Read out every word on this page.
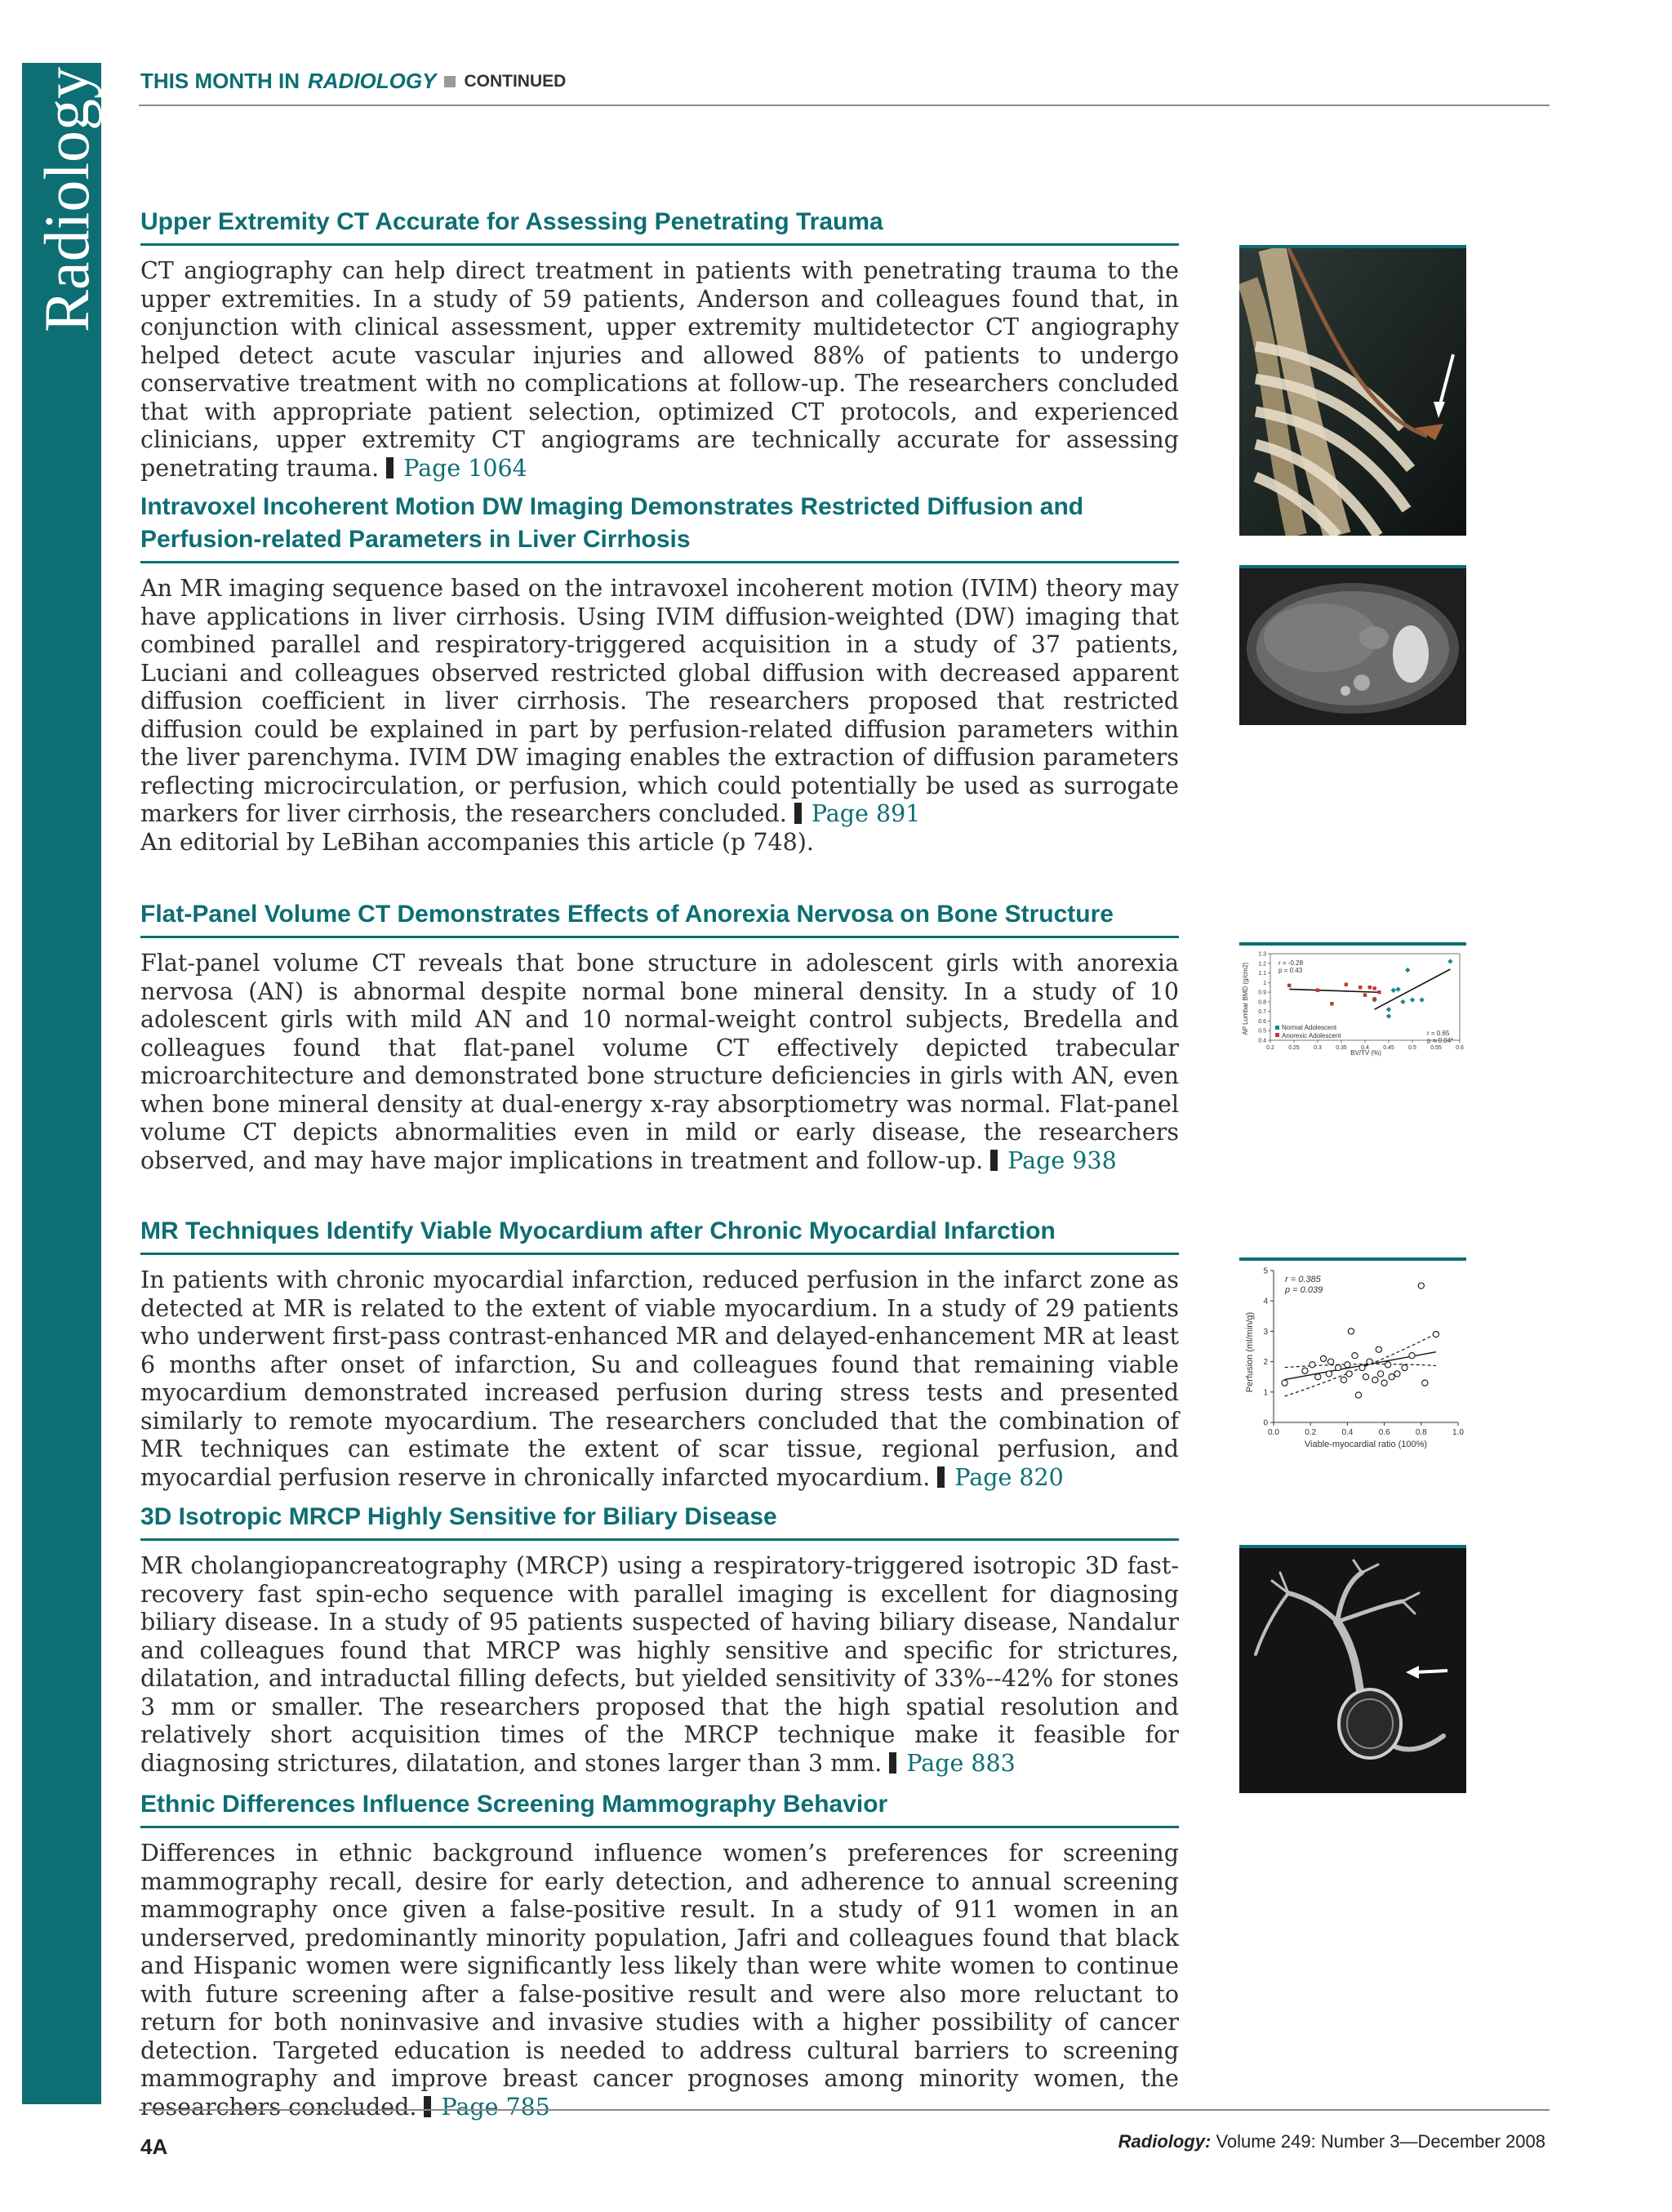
Radiology THIS MONTH IN RADIOLOGY CONTINUED
Upper Extremity CT Accurate for Assessing Penetrating Trauma
CT angiography can help direct treatment in patients with penetrating trauma to the upper extremities. In a study of 59 patients, Anderson and colleagues found that, in conjunction with clinical assessment, upper extremity multidetector CT angiography helped detect acute vascular injuries and allowed 88% of patients to undergo conservative treatment with no complications at follow-up. The researchers concluded that with appropriate patient selection, optimized CT protocols, and experienced clinicians, upper extremity CT angiograms are technically accurate for assessing penetrating trauma. Page 1064
Intravoxel Incoherent Motion DW Imaging Demonstrates Restricted Diffusion and Perfusion-related Parameters in Liver Cirrhosis
An MR imaging sequence based on the intravoxel incoherent motion (IVIM) theory may have applications in liver cirrhosis. Using IVIM diffusion-weighted (DW) imaging that combined parallel and respiratory-triggered acquisition in a study of 37 patients, Luciani and colleagues observed restricted global diffusion with decreased apparent diffusion coefficient in liver cirrhosis. The researchers proposed that restricted diffusion could be explained in part by perfusion-related diffusion parameters within the liver parenchyma. IVIM DW imaging enables the extraction of diffusion parameters reflecting microcirculation, or perfusion, which could potentially be used as surrogate markers for liver cirrhosis, the researchers concluded. Page 891
An editorial by LeBihan accompanies this article (p 748).
Flat-Panel Volume CT Demonstrates Effects of Anorexia Nervosa on Bone Structure
Flat-panel volume CT reveals that bone structure in adolescent girls with anorexia nervosa (AN) is abnormal despite normal bone mineral density. In a study of 10 adolescent girls with mild AN and 10 normal-weight control subjects, Bredella and colleagues found that flat-panel volume CT effectively depicted trabecular microarchitecture and demonstrated bone structure deficiencies in girls with AN, even when bone mineral density at dual-energy x-ray absorptiometry was normal. Flat-panel volume CT depicts abnormalities even in mild or early disease, the researchers observed, and may have major implications in treatment and follow-up. Page 938
MR Techniques Identify Viable Myocardium after Chronic Myocardial Infarction
In patients with chronic myocardial infarction, reduced perfusion in the infarct zone as detected at MR is related to the extent of viable myocardium. In a study of 29 patients who underwent first-pass contrast-enhanced MR and delayed-enhancement MR at least 6 months after onset of infarction, Su and colleagues found that remaining viable myocardium demonstrated increased perfusion during stress tests and presented similarly to remote myocardium. The researchers concluded that the combination of MR techniques can estimate the extent of scar tissue, regional perfusion, and myocardial perfusion reserve in chronically infarcted myocardium. Page 820
3D Isotropic MRCP Highly Sensitive for Biliary Disease
MR cholangiopancreatography (MRCP) using a respiratory-triggered isotropic 3D fast-recovery fast spin-echo sequence with parallel imaging is excellent for diagnosing biliary disease. In a study of 95 patients suspected of having biliary disease, Nandalur and colleagues found that MRCP was highly sensitive and specific for strictures, dilatation, and intraductal filling defects, but yielded sensitivity of 33%--42% for stones 3 mm or smaller. The researchers proposed that the high spatial resolution and relatively short acquisition times of the MRCP technique make it feasible for diagnosing strictures, dilatation, and stones larger than 3 mm. Page 883
Ethnic Differences Influence Screening Mammography Behavior
Differences in ethnic background influence women’s preferences for screening mammography recall, desire for early detection, and adherence to annual screening mammography once given a false-positive result. In a study of 911 women in an underserved, predominantly minority population, Jafri and colleagues found that black and Hispanic women were significantly less likely than were white women to continue with future screening after a false-positive result and were also more reluctant to return for both noninvasive and invasive studies with a higher possibility of cancer detection. Targeted education is needed to address cultural barriers to screening mammography and improve breast cancer prognoses among minority women, the researchers concluded. Page 785
AP Lumbar BMD (g/cm2)
BV/TV (%)
r = 0.65 p = 0.04*
r = -0.28 p = 0.43
Normal Adolescent
Anorexic Adolescent
0.2 0.25 0.3 0.35 0.4 0.45 0.5 0.55 0.6
0.4
0.5
0.6
0.7
0.8
0.9
1
1.1
1.2
1.3
Perfusion (ml/min/g)
Viable-myocardial ratio (100%)
r = 0.385 p = 0.039
0.0	0.2	0.4	0.6	0.8	1.0
0
1
2
3
4
5
4A	Radiology: Volume 249: Number 3—December 2008
